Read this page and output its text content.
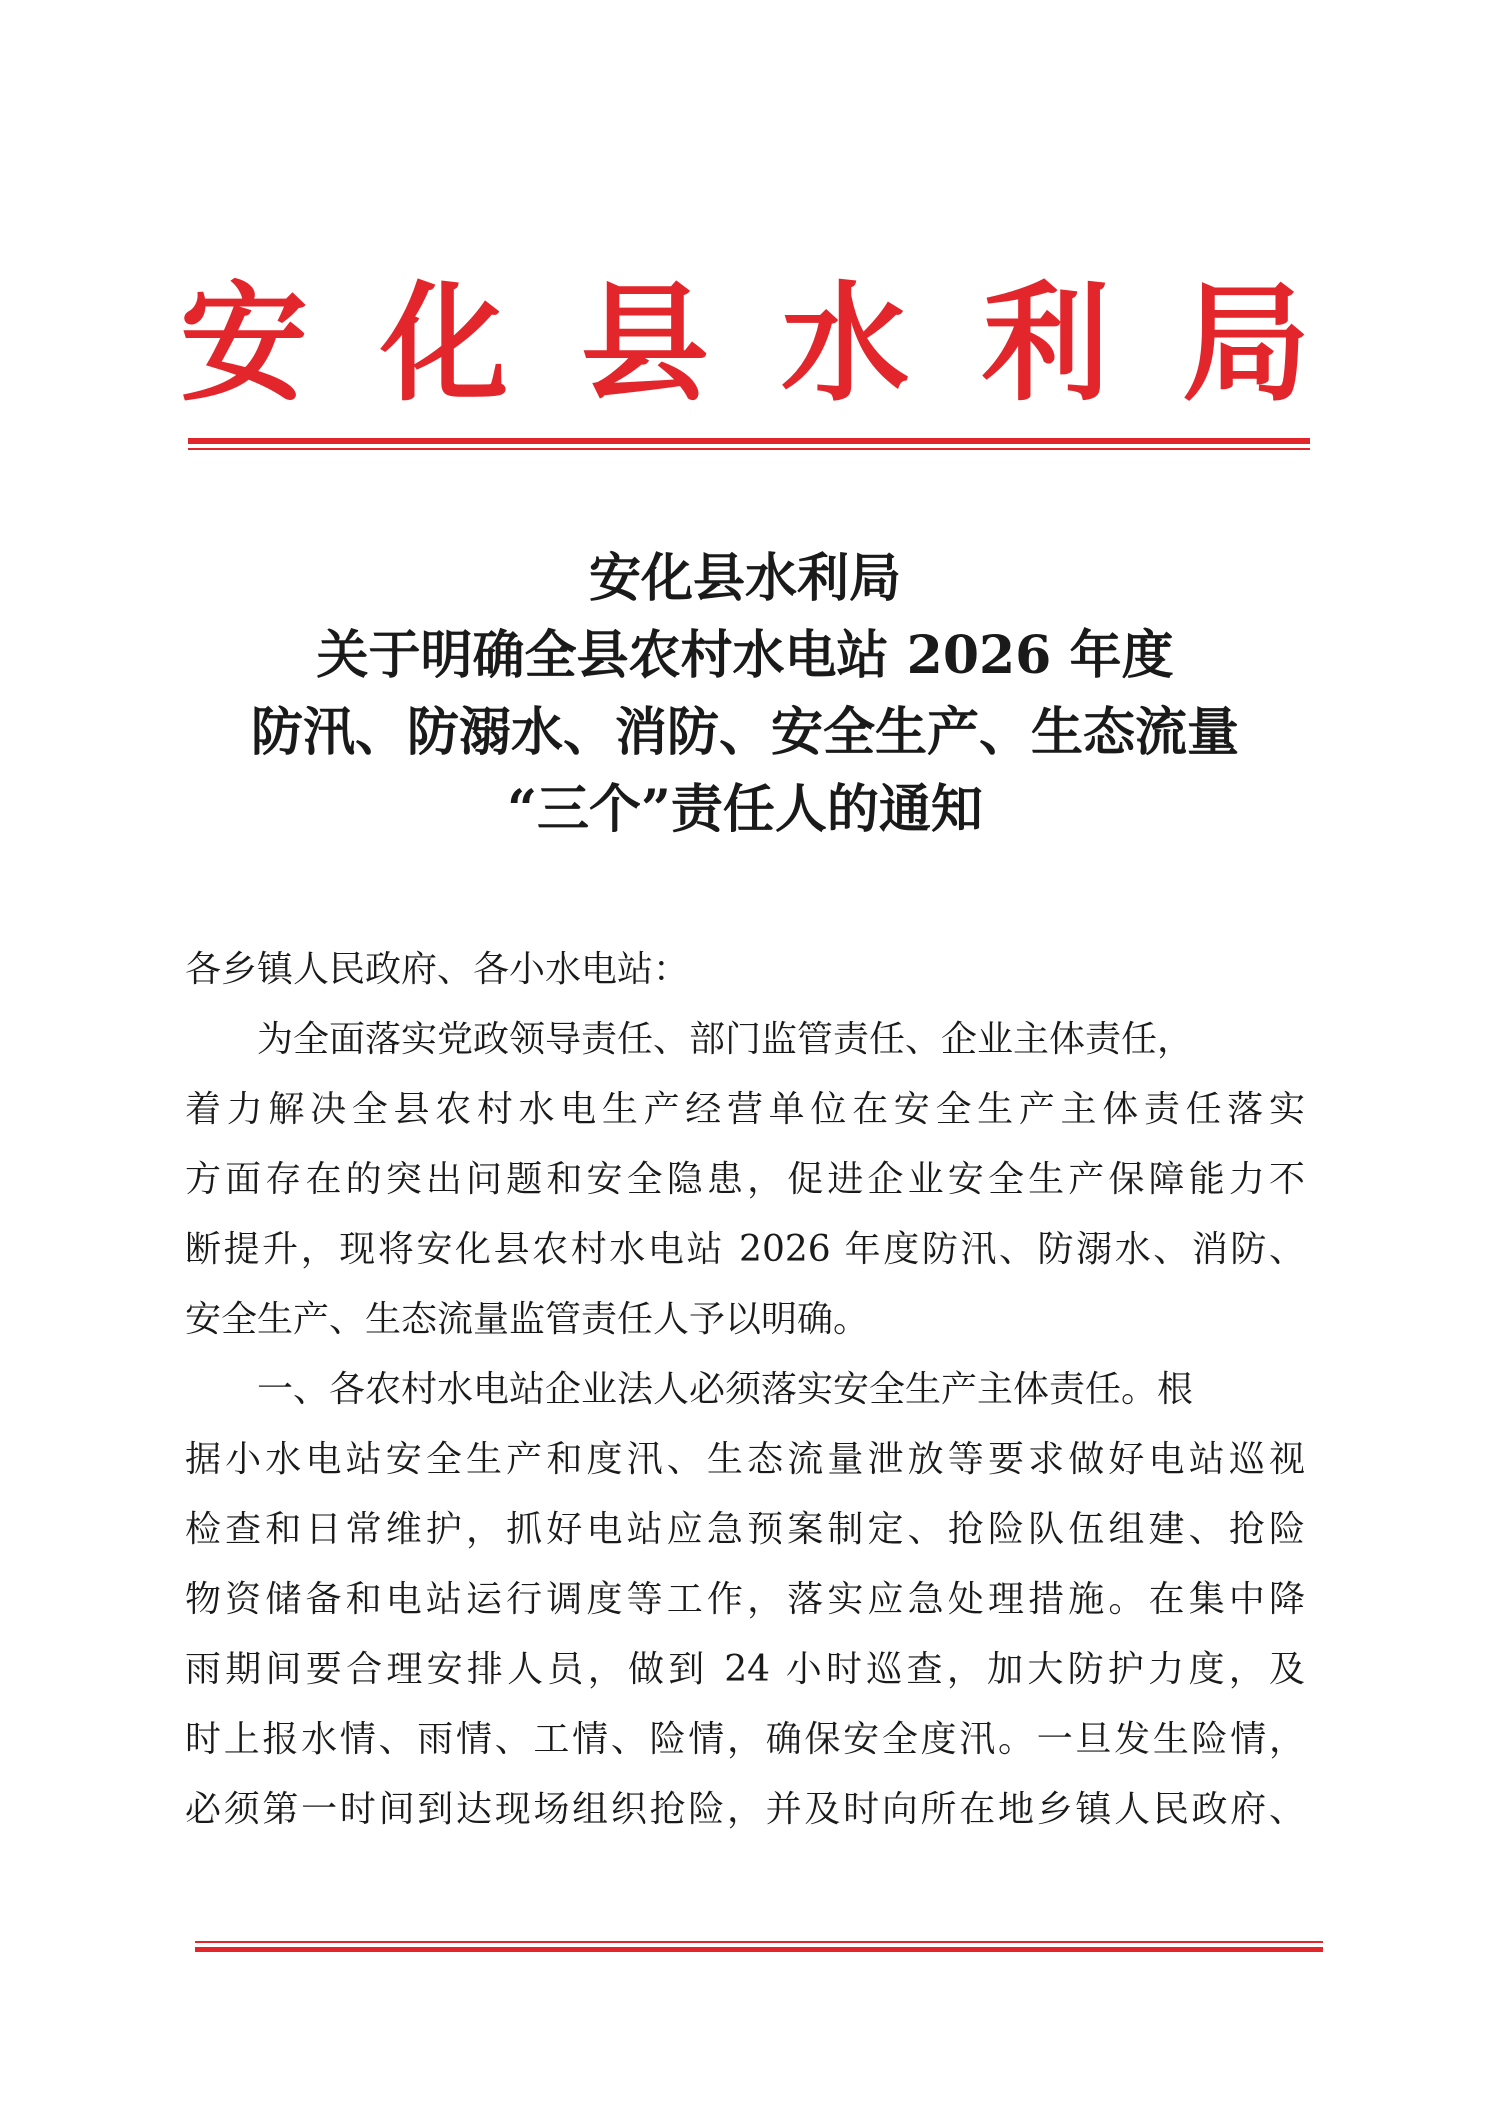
安 化 县 水 利 局
安化县水利局
关于明确全县农村水电站 2026 年度
防汛、防溺水、消防、安全生产、生态流量
“三个”责任人的通知
各乡镇人民政府、各小水电站：
为全面落实党政领导责任、部门监管责任、企业主体责任，
着力解决全县农村水电生产经营单位在安全生产主体责任落实
方面存在的突出问题和安全隐患，促进企业安全生产保障能力不
断提升，现将安化县农村水电站 2026 年度防汛、防溺水、消防、
安全生产、生态流量监管责任人予以明确。
一、各农村水电站企业法人必须落实安全生产主体责任。根
据小水电站安全生产和度汛、生态流量泄放等要求做好电站巡视
检查和日常维护，抓好电站应急预案制定、抢险队伍组建、抢险
物资储备和电站运行调度等工作，落实应急处理措施。在集中降
雨期间要合理安排人员，做到 24 小时巡查，加大防护力度，及
时上报水情、雨情、工情、险情，确保安全度汛。一旦发生险情，
必须第一时间到达现场组织抢险，并及时向所在地乡镇人民政府、
